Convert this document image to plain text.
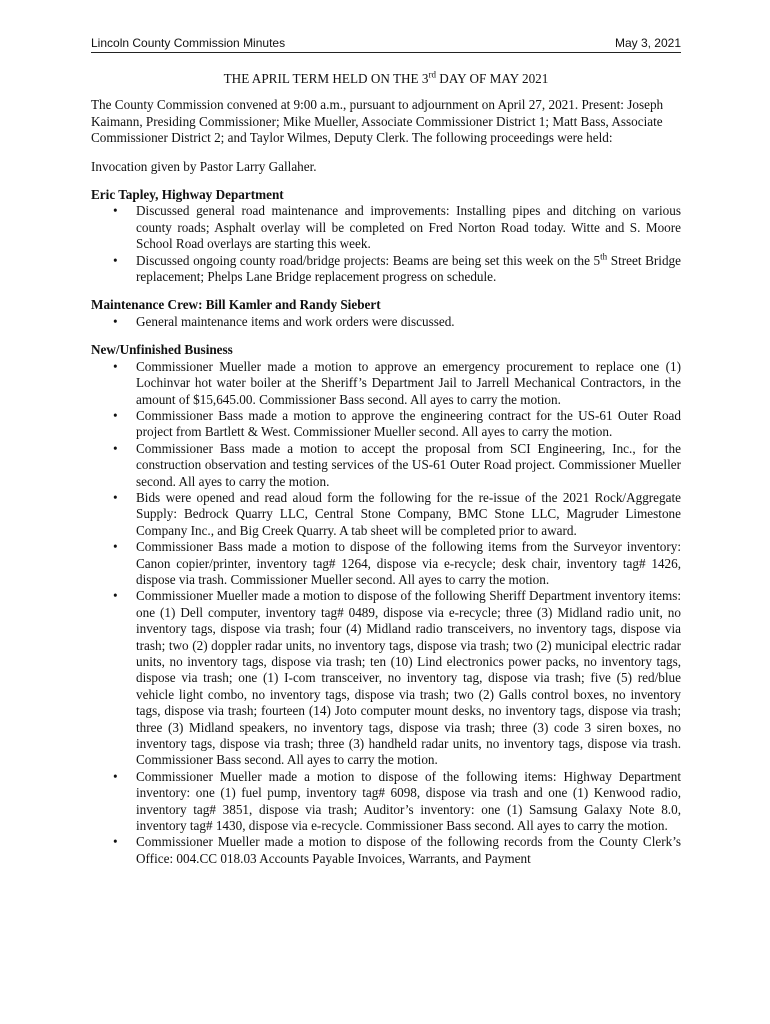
Lincoln County Commission Minutes	May 3, 2021

THE APRIL TERM HELD ON THE 3rd DAY OF MAY 2021

The County Commission convened at 9:00 a.m., pursuant to adjournment on April 27, 2021. Present: Joseph Kaimann, Presiding Commissioner; Mike Mueller, Associate Commissioner District 1; Matt Bass, Associate Commissioner District 2; and Taylor Wilmes, Deputy Clerk. The following proceedings were held:

Invocation given by Pastor Larry Gallaher.

Eric Tapley, Highway Department

• Discussed general road maintenance and improvements: Installing pipes and ditching on various county roads; Asphalt overlay will be completed on Fred Norton Road today. Witte and S. Moore School Road overlays are starting this week.
• Discussed ongoing county road/bridge projects: Beams are being set this week on the 5th Street Bridge replacement; Phelps Lane Bridge replacement progress on schedule.

Maintenance Crew: Bill Kamler and Randy Siebert

• General maintenance items and work orders were discussed.

New/Unfinished Business

• Commissioner Mueller made a motion to approve an emergency procurement to replace one (1) Lochinvar hot water boiler at the Sheriff’s Department Jail to Jarrell Mechanical Contractors, in the amount of $15,645.00. Commissioner Bass second. All ayes to carry the motion.
• Commissioner Bass made a motion to approve the engineering contract for the US-61 Outer Road project from Bartlett & West. Commissioner Mueller second. All ayes to carry the motion.
• Commissioner Bass made a motion to accept the proposal from SCI Engineering, Inc., for the construction observation and testing services of the US-61 Outer Road project. Commissioner Mueller second. All ayes to carry the motion.
• Bids were opened and read aloud form the following for the re-issue of the 2021 Rock/Aggregate Supply: Bedrock Quarry LLC, Central Stone Company, BMC Stone LLC, Magruder Limestone Company Inc., and Big Creek Quarry. A tab sheet will be completed prior to award.
• Commissioner Bass made a motion to dispose of the following items from the Surveyor inventory: Canon copier/printer, inventory tag# 1264, dispose via e-recycle; desk chair, inventory tag# 1426, dispose via trash. Commissioner Mueller second. All ayes to carry the motion.
• Commissioner Mueller made a motion to dispose of the following Sheriff Department inventory items: one (1) Dell computer, inventory tag# 0489, dispose via e-recycle; three (3) Midland radio unit, no inventory tags, dispose via trash; four (4) Midland radio transceivers, no inventory tags, dispose via trash; two (2) doppler radar units, no inventory tags, dispose via trash; two (2) municipal electric radar units, no inventory tags, dispose via trash; ten (10) Lind electronics power packs, no inventory tags, dispose via trash; one (1) I-com transceiver, no inventory tag, dispose via trash; five (5) red/blue vehicle light combo, no inventory tags, dispose via trash; two (2) Galls control boxes, no inventory tags, dispose via trash; fourteen (14) Joto computer mount desks, no inventory tags, dispose via trash; three (3) Midland speakers, no inventory tags, dispose via trash; three (3) code 3 siren boxes, no inventory tags, dispose via trash; three (3) handheld radar units, no inventory tags, dispose via trash. Commissioner Bass second. All ayes to carry the motion.
• Commissioner Mueller made a motion to dispose of the following items: Highway Department inventory: one (1) fuel pump, inventory tag# 6098, dispose via trash and one (1) Kenwood radio, inventory tag# 3851, dispose via trash; Auditor’s inventory: one (1) Samsung Galaxy Note 8.0, inventory tag# 1430, dispose via e-recycle. Commissioner Bass second. All ayes to carry the motion.
• Commissioner Mueller made a motion to dispose of the following records from the County Clerk’s Office: 004.CC 018.03 Accounts Payable Invoices, Warrants, and Payment
